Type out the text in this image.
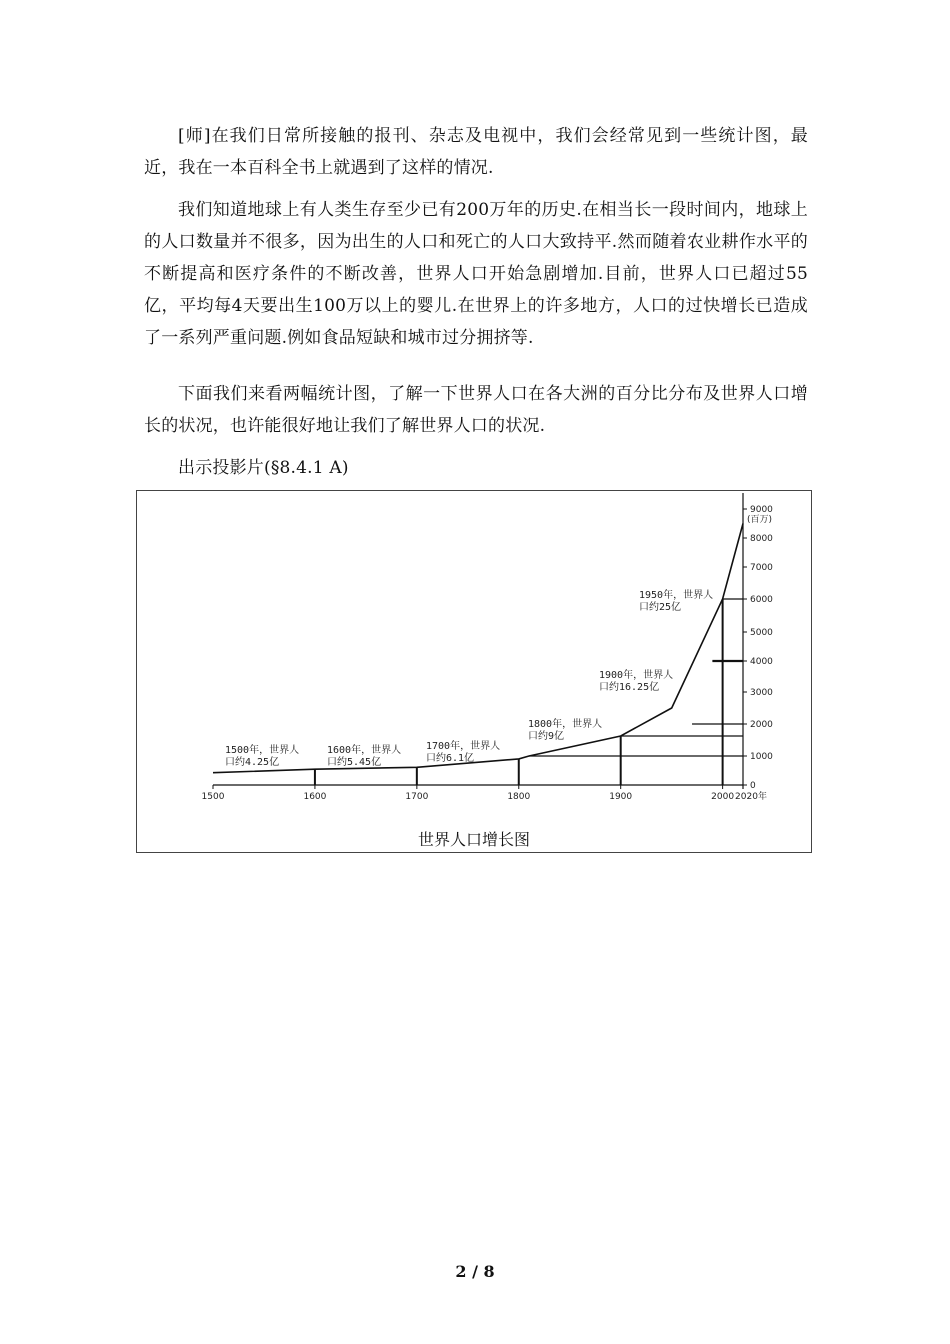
[师]在我们日常所接触的报刊、杂志及电视中，我们会经常见到一些统计图，最近，我在一本百科全书上就遇到了这样的情况.

我们知道地球上有人类生存至少已有200万年的历史.在相当长一段时间内，地球上的人口数量并不很多，因为出生的人口和死亡的人口大致持平.然而随着农业耕作水平的不断提高和医疗条件的不断改善，世界人口开始急剧增加.目前，世界人口已超过55亿，平均每4天要出生100万以上的婴儿.在世界上的许多地方，人口的过快增长已造成了一系列严重问题.例如食品短缺和城市过分拥挤等.

下面我们来看两幅统计图，了解一下世界人口在各大洲的百分比分布及世界人口增长的状况，也许能很好地让我们了解世界人口的状况.

出示投影片(§8.4.1 A)

1500	1600	1700	1800	1900	2000 2020年
0
1000
2000
3000
4000
5000
6000
7000
8000
9000
(百万)
1500年，世界人
口约4.25亿
1600年，世界人
口约5.45亿
1700年，世界人
口约6.1亿
1800年，世界人
口约9亿
1900年，世界人
口约16.25亿
1950年，世界人
口约25亿
世界人口增长图
2 / 8
